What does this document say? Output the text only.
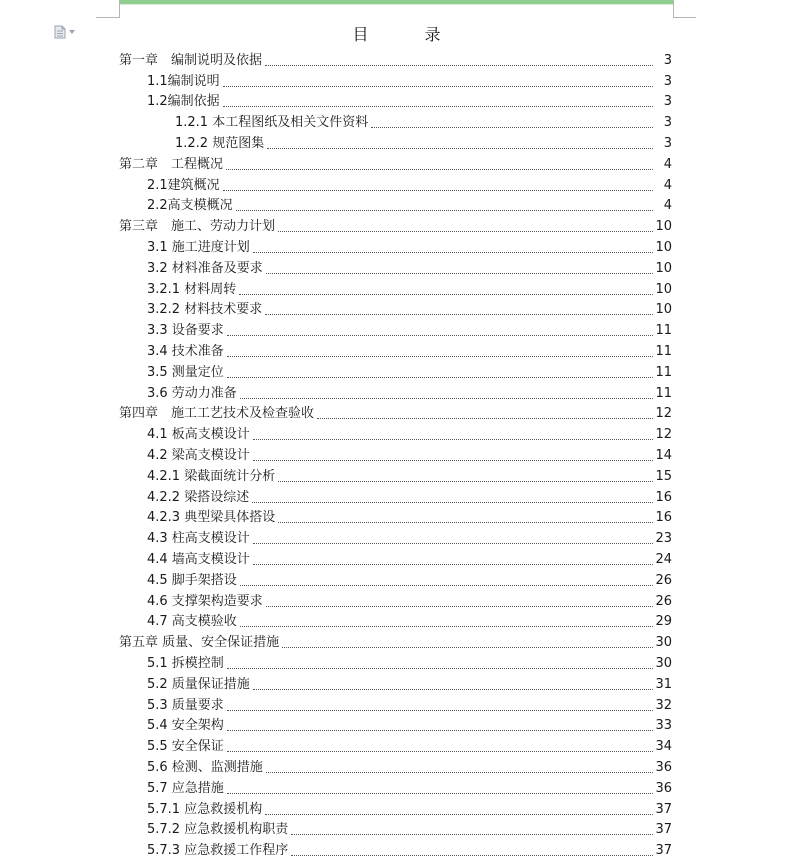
目　录
第一章　编制说明及依据	3
1.1编制说明	3
1.2编制依据	3
1.2.1 本工程图纸及相关文件资料	3
1.2.2 规范图集	3
第二章　工程概况	4
2.1建筑概况	4
2.2高支模概况	4
第三章　施工、劳动力计划	10
3.1 施工进度计划	10
3.2 材料准备及要求	10
3.2.1 材料周转	10
3.2.2 材料技术要求	10
3.3 设备要求	11
3.4 技术准备	11
3.5 测量定位	11
3.6 劳动力准备	11
第四章　施工工艺技术及检查验收	12
4.1 板高支模设计	12
4.2 梁高支模设计	14
4.2.1 梁截面统计分析	15
4.2.2 梁搭设综述	16
4.2.3 典型梁具体搭设	16
4.3 柱高支模设计	23
4.4 墙高支模设计	24
4.5 脚手架搭设	26
4.6 支撑架构造要求	26
4.7 高支模验收	29
第五章 质量、安全保证措施	30
5.1 拆模控制	30
5.2 质量保证措施	31
5.3 质量要求	32
5.4 安全架构	33
5.5 安全保证	34
5.6 检测、监测措施	36
5.7 应急措施	36
5.7.1 应急救援机构	37
5.7.2 应急救援机构职责	37
5.7.3 应急救援工作程序	37
